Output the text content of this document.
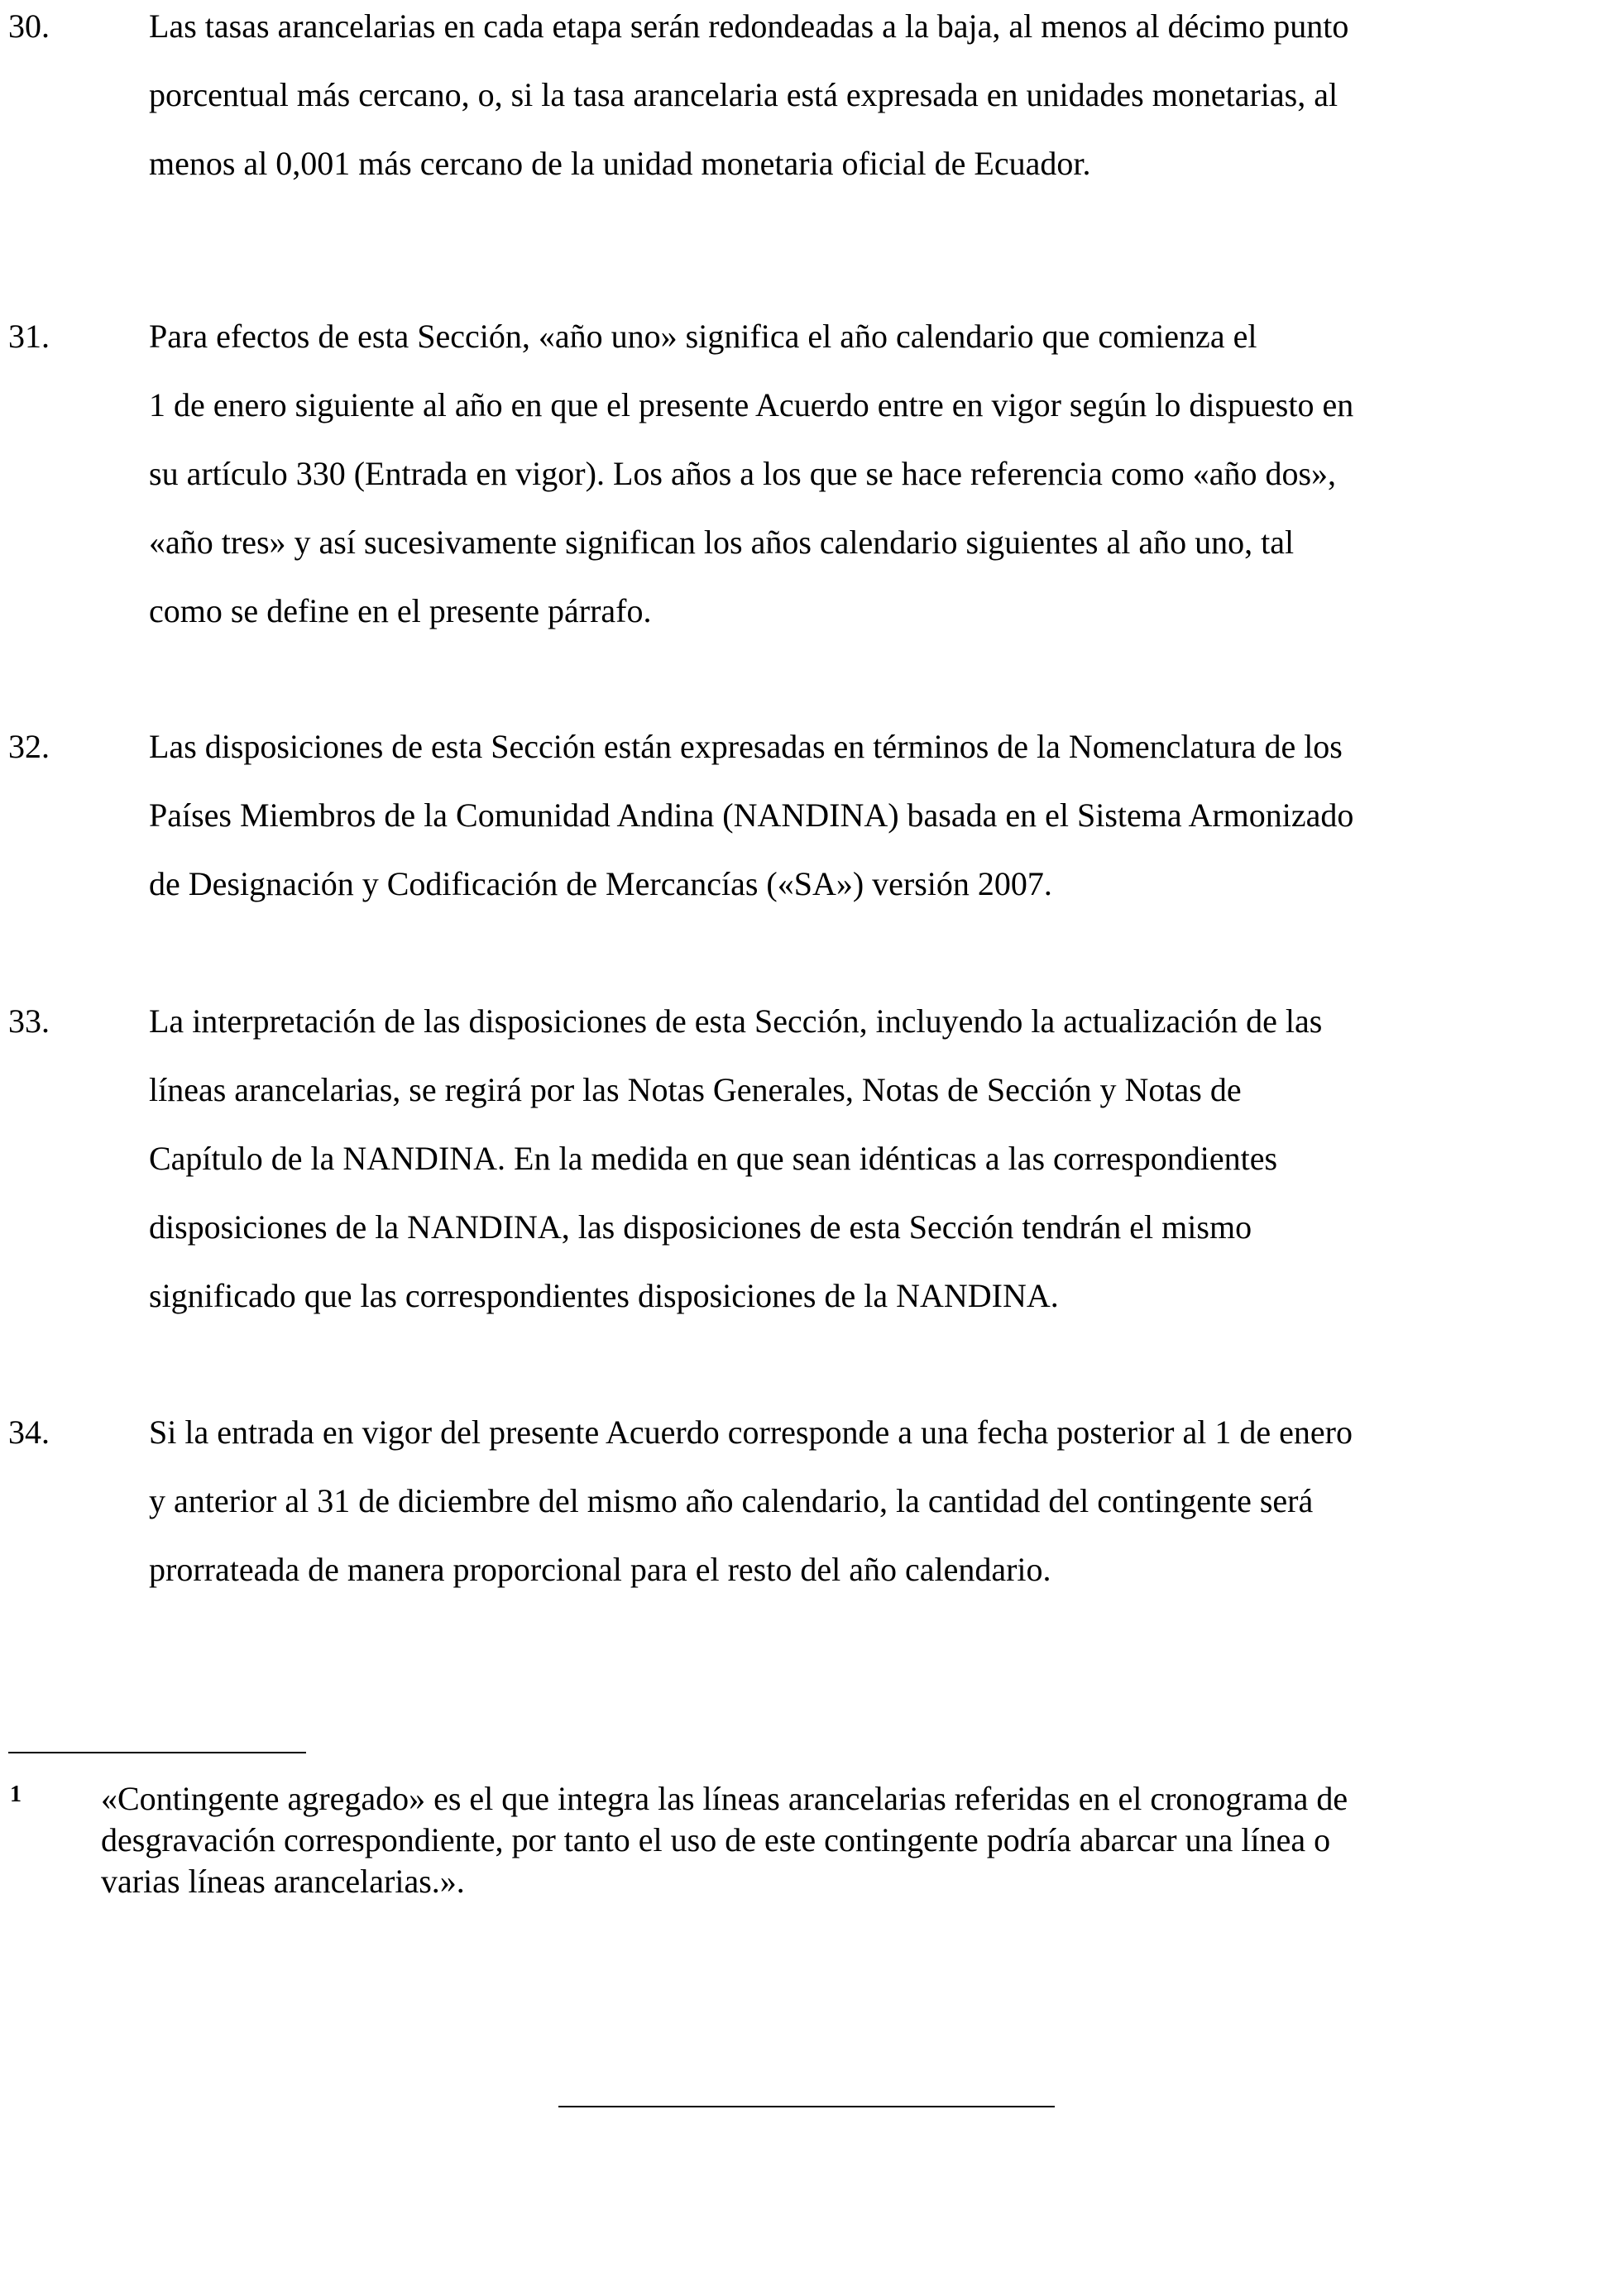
30.	Las tasas arancelarias en cada etapa serán redondeadas a la baja, al menos al décimo punto
porcentual más cercano, o, si la tasa arancelaria está expresada en unidades monetarias, al
menos al 0,001 más cercano de la unidad monetaria oficial de Ecuador.
31.	Para efectos de esta Sección, «año uno» significa el año calendario que comienza el
1 de enero siguiente al año en que el presente Acuerdo entre en vigor según lo dispuesto en
su artículo 330 (Entrada en vigor). Los años a los que se hace referencia como «año dos»,
«año tres» y así sucesivamente significan los años calendario siguientes al año uno, tal
como se define en el presente párrafo.
32.	Las disposiciones de esta Sección están expresadas en términos de la Nomenclatura de los
Países Miembros de la Comunidad Andina (NANDINA) basada en el Sistema Armonizado
de Designación y Codificación de Mercancías («SA») versión 2007.
33.	La interpretación de las disposiciones de esta Sección, incluyendo la actualización de las
líneas arancelarias, se regirá por las Notas Generales, Notas de Sección y Notas de
Capítulo de la NANDINA. En la medida en que sean idénticas a las correspondientes
disposiciones de la NANDINA, las disposiciones de esta Sección tendrán el mismo
significado que las correspondientes disposiciones de la NANDINA.
34.	Si la entrada en vigor del presente Acuerdo corresponde a una fecha posterior al 1 de enero
y anterior al 31 de diciembre del mismo año calendario, la cantidad del contingente será
prorrateada de manera proporcional para el resto del año calendario.
1 «Contingente agregado» es el que integra las líneas arancelarias referidas en el cronograma de
desgravación correspondiente, por tanto el uso de este contingente podría abarcar una línea o
varias líneas arancelarias.».
